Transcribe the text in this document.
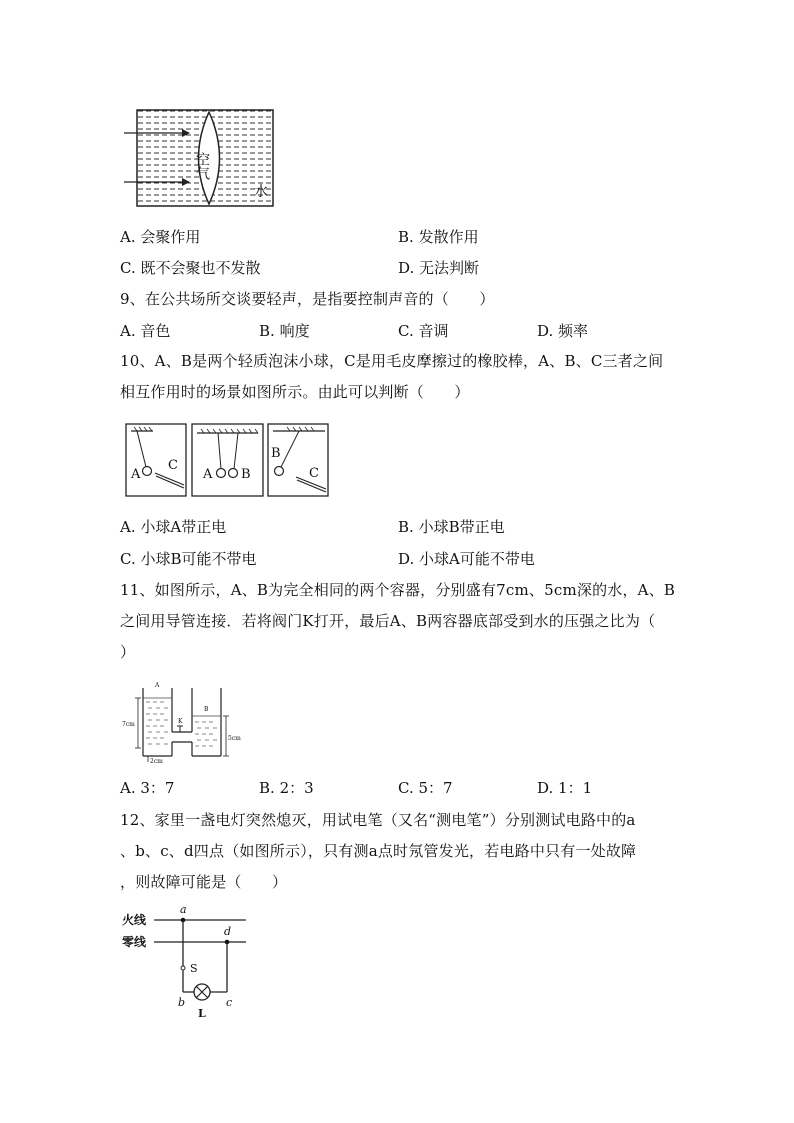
空气
水
A. 会聚作用	B. 发散作用
C. 既不会聚也不发散	D. 无法判断
9、在公共场所交谈要轻声，是指要控制声音的（　　）
A. 音色	B. 响度	C. 音调	D. 频率
10、A、B是两个轻质泡沫小球，C是用毛皮摩擦过的橡胶棒，A、B、C三者之间
相互作用时的场景如图所示。由此可以判断（　　）
A
C
A B
B
C
A. 小球A带正电	B. 小球B带正电
C. 小球B可能不带电	D. 小球A可能不带电
11、如图所示，A、B为完全相同的两个容器，分别盛有7cm、5cm深的水，A、B
之间用导管连接．若将阀门K打开，最后A、B两容器底部受到水的压强之比为（
）
A
K
B
7cm
5cm
2cm
A. 3：7	B. 2：3	C. 5：7	D. 1：1
12、家里一盏电灯突然熄灭，用试电笔（又名“测电笔”）分别测试电路中的a
、b、c、d四点（如图所示），只有测a点时氖管发光，若电路中只有一处故障
，则故障可能是（　　）
火线
零线
a
d
S
b	c
L
